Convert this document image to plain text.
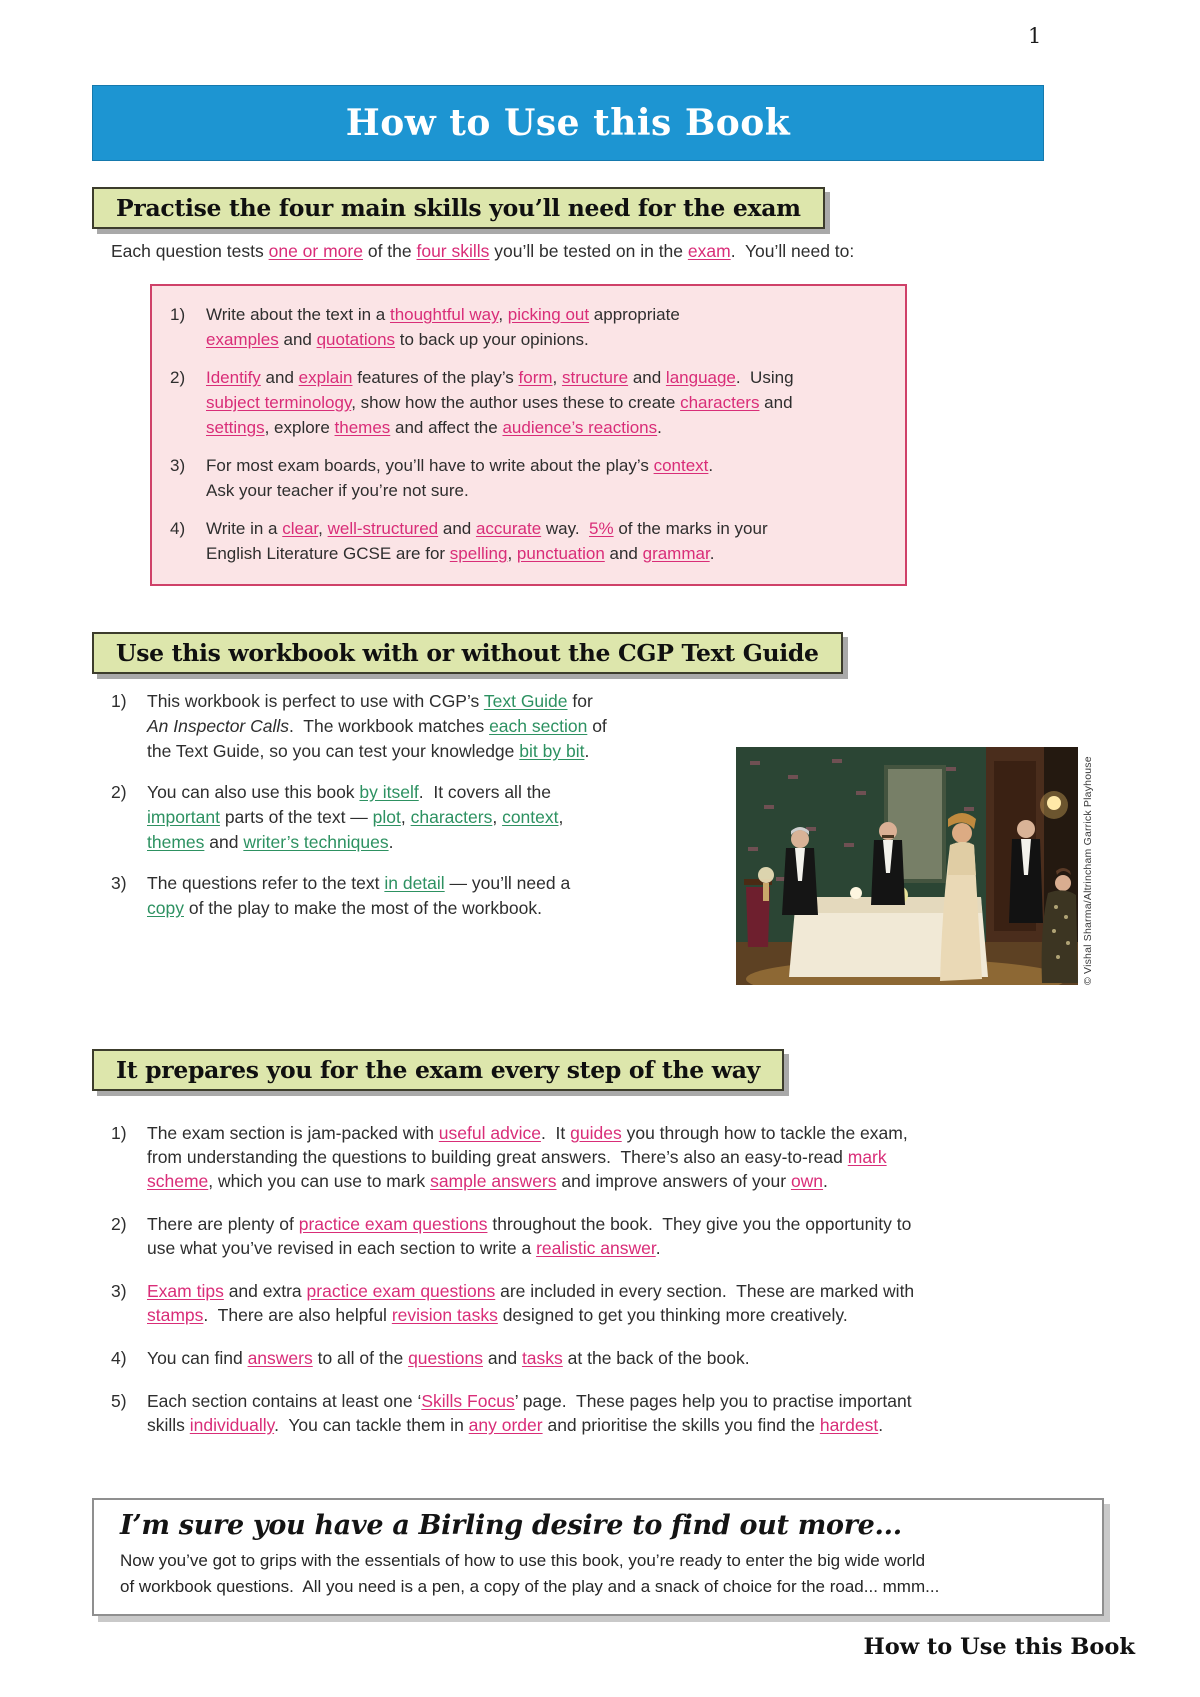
1
How to Use this Book
Practise the four main skills you’ll need for the exam
Each question tests one or more of the four skills you’ll be tested on in the exam.  You’ll need to:
1)	Write about the text in a thoughtful way, picking out appropriate
examples and quotations to back up your opinions.
2)	Identify and explain features of the play’s form, structure and language.  Using
subject terminology, show how the author uses these to create characters and
settings, explore themes and affect the audience’s reactions.
3)	For most exam boards, you’ll have to write about the play’s context.
Ask your teacher if you’re not sure.
4)	Write in a clear, well-structured and accurate way.  5% of the marks in your
English Literature GCSE are for spelling, punctuation and grammar.
Use this workbook with or without the CGP Text Guide
1)	This workbook is perfect to use with CGP’s Text Guide for
An Inspector Calls.  The workbook matches each section of
the Text Guide, so you can test your knowledge bit by bit.
2)	You can also use this book by itself.  It covers all the
important parts of the text — plot, characters, context,
themes and writer’s techniques.
3)	The questions refer to the text in detail — you’ll need a
copy of the play to make the most of the workbook.	© Vishal Sharma/Altrincham Garrick Playhouse
It prepares you for the exam every step of the way
1)	The exam section is jam-packed with useful advice.  It guides you through how to tackle the exam,
from understanding the questions to building great answers.  There’s also an easy-to-read mark
scheme, which you can use to mark sample answers and improve answers of your own.
2)	There are plenty of practice exam questions throughout the book.  They give you the opportunity to
use what you’ve revised in each section to write a realistic answer.
3)	Exam tips and extra practice exam questions are included in every section.  These are marked with
stamps.  There are also helpful revision tasks designed to get you thinking more creatively.
4)	You can find answers to all of the questions and tasks at the back of the book.
5)	Each section contains at least one ‘Skills Focus’ page.  These pages help you to practise important
skills individually.  You can tackle them in any order and prioritise the skills you find the hardest.
I’m sure you have a Birling desire to find out more...
Now you’ve got to grips with the essentials of how to use this book, you’re ready to enter the big wide world
of workbook questions.  All you need is a pen, a copy of the play and a snack of choice for the road... mmm...
How to Use this Book
